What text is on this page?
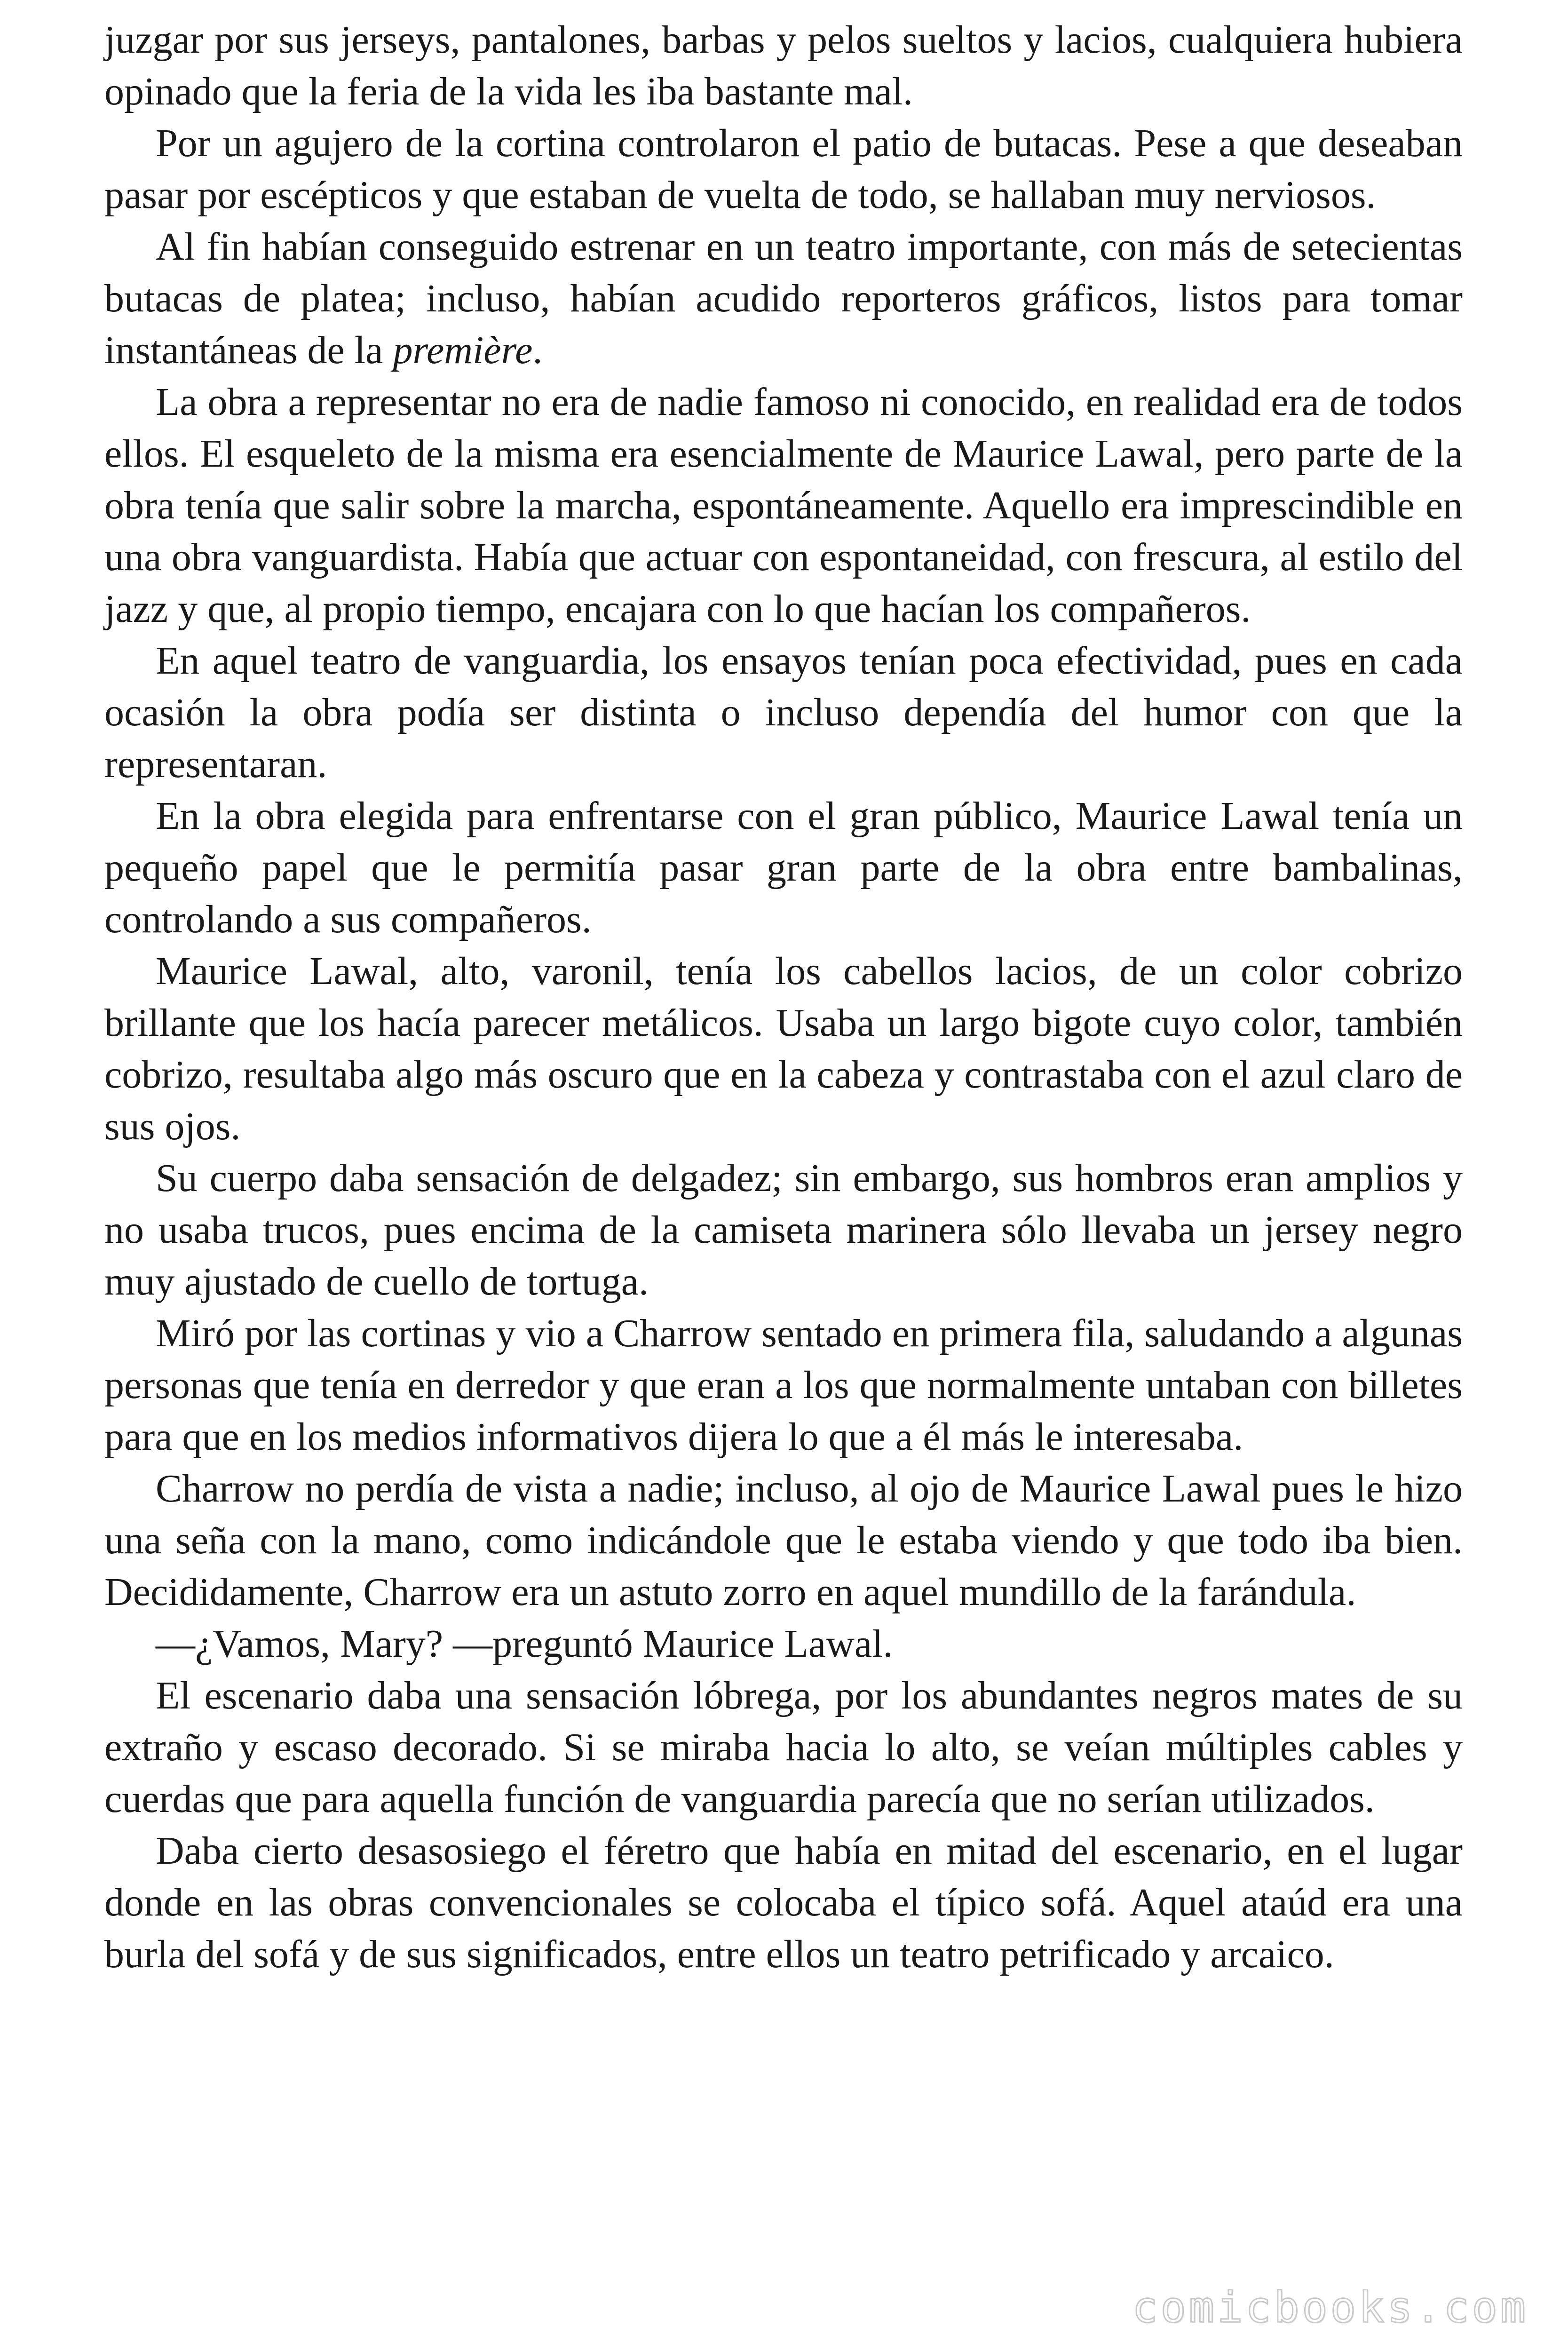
juzgar por sus jerseys, pantalones, barbas y pelos sueltos y lacios, cualquiera hubiera opinado que la feria de la vida les iba bastante mal.

Por un agujero de la cortina controlaron el patio de butacas. Pese a que deseaban pasar por escépticos y que estaban de vuelta de todo, se hallaban muy nerviosos.

Al fin habían conseguido estrenar en un teatro importante, con más de setecientas butacas de platea; incluso, habían acudido reporteros gráficos, listos para tomar instantáneas de la première.

La obra a representar no era de nadie famoso ni conocido, en realidad era de todos ellos. El esqueleto de la misma era esencialmente de Maurice Lawal, pero parte de la obra tenía que salir sobre la marcha, espontáneamente. Aquello era imprescindible en una obra vanguardista. Había que actuar con espontaneidad, con frescura, al estilo del jazz y que, al propio tiempo, encajara con lo que hacían los compañeros.

En aquel teatro de vanguardia, los ensayos tenían poca efectividad, pues en cada ocasión la obra podía ser distinta o incluso dependía del humor con que la representaran.

En la obra elegida para enfrentarse con el gran público, Maurice Lawal tenía un pequeño papel que le permitía pasar gran parte de la obra entre bambalinas, controlando a sus compañeros.

Maurice Lawal, alto, varonil, tenía los cabellos lacios, de un color cobrizo brillante que los hacía parecer metálicos. Usaba un largo bigote cuyo color, también cobrizo, resultaba algo más oscuro que en la cabeza y contrastaba con el azul claro de sus ojos.

Su cuerpo daba sensación de delgadez; sin embargo, sus hombros eran amplios y no usaba trucos, pues encima de la camiseta marinera sólo llevaba un jersey negro muy ajustado de cuello de tortuga.

Miró por las cortinas y vio a Charrow sentado en primera fila, saludando a algunas personas que tenía en derredor y que eran a los que normalmente untaban con billetes para que en los medios informativos dijera lo que a él más le interesaba.

Charrow no perdía de vista a nadie; incluso, al ojo de Maurice Lawal pues le hizo una seña con la mano, como indicándole que le estaba viendo y que todo iba bien. Decididamente, Charrow era un astuto zorro en aquel mundillo de la farándula.

—¿Vamos, Mary? —preguntó Maurice Lawal.

El escenario daba una sensación lóbrega, por los abundantes negros mates de su extraño y escaso decorado. Si se miraba hacia lo alto, se veían múltiples cables y cuerdas que para aquella función de vanguardia parecía que no serían utilizados.

Daba cierto desasosiego el féretro que había en mitad del escenario, en el lugar donde en las obras convencionales se colocaba el típico sofá. Aquel ataúd era una burla del sofá y de sus significados, entre ellos un teatro petrificado y arcaico.

comicbooks.com
